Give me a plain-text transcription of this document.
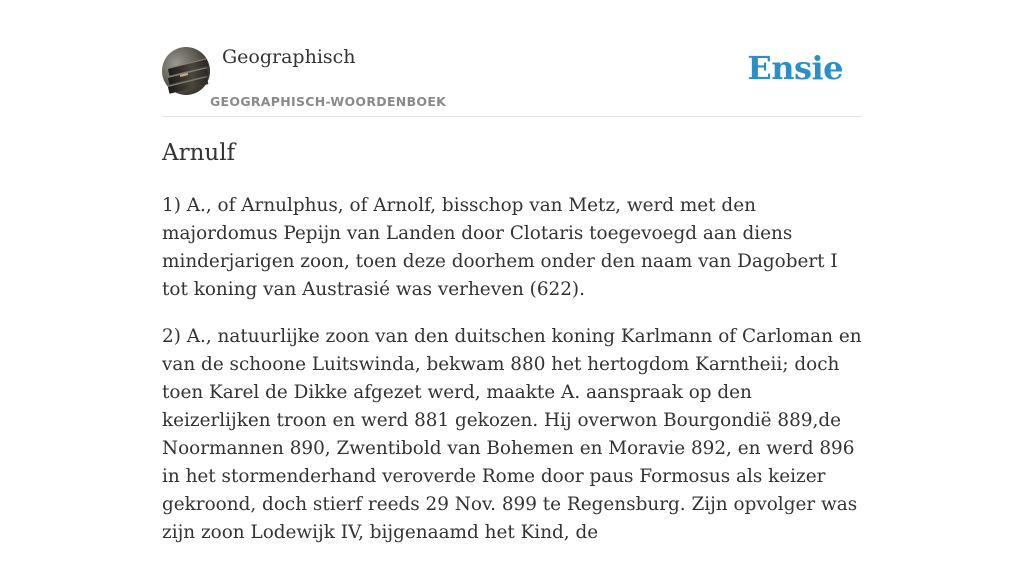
Geographisch
GEOGRAPHISCH-WOORDENBOEK
Ensie
Arnulf

1) A., of Arnulphus, of Arnolf, bisschop van Metz, werd met den majordomus Pepijn van Landen door Clotaris toegevoegd aan diens minderjarigen zoon, toen deze doorhem onder den naam van Dagobert I tot koning van Austrasié was verheven (622).

2) A., natuurlijke zoon van den duitschen koning Karlmann of Carloman en van de schoone Luitswinda, bekwam 880 het hertogdom Karntheii; doch toen Karel de Dikke afgezet werd, maakte A. aanspraak op den keizerlijken troon en werd 881 gekozen. Hij overwon Bourgondië 889,de Noormannen 890, Zwentibold van Bohemen en Moravie 892, en werd 896 in het stormenderhand veroverde Rome door paus Formosus als keizer gekroond, doch stierf reeds 29 Nov. 899 te Regensburg. Zijn opvolger was zijn zoon Lodewijk IV, bijgenaamd het Kind, de
